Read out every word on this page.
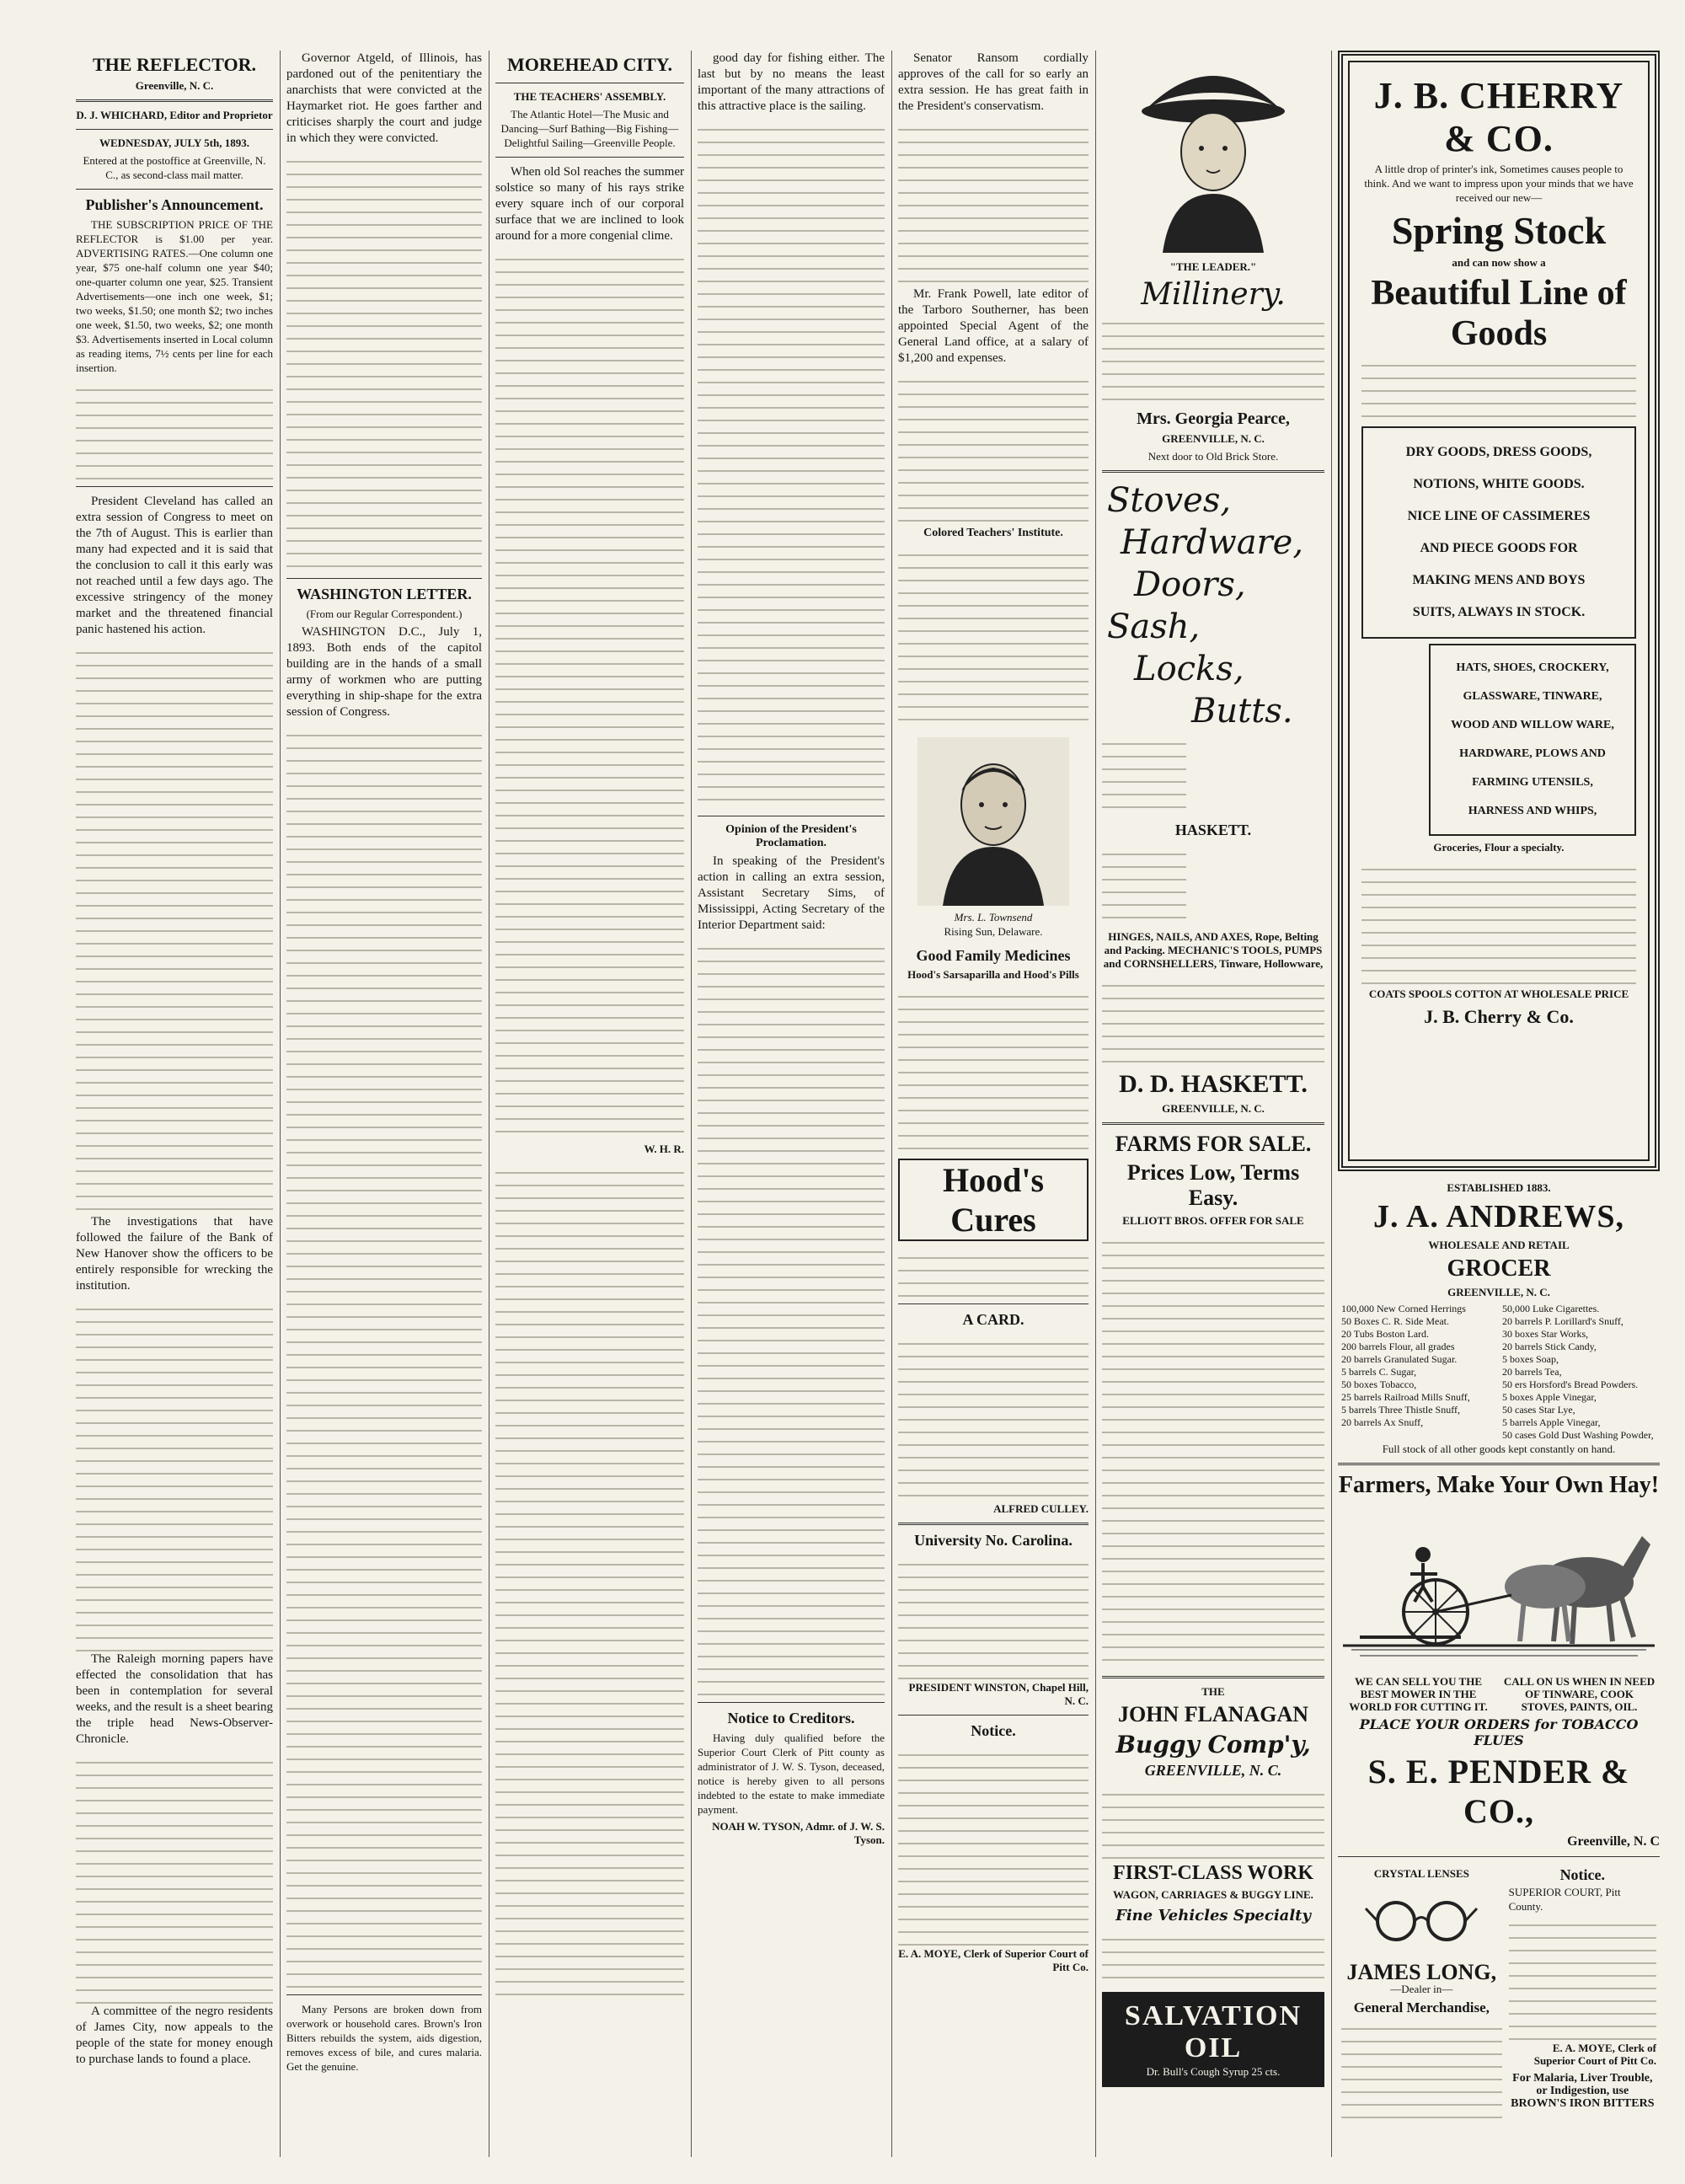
THE REFLECTOR.
Greenville, N. C.
D. J. WHICHARD, Editor and Proprietor
WEDNESDAY, JULY 5th, 1893.
Entered at the postoffice at Greenville, N. C., as second-class mail matter.
Publisher's Announcement.
THE SUBSCRIPTION PRICE OF THE REFLECTOR is $1.00 per year. ADVERTISING RATES.—One column one year, $75 one-half column one year $40; one-quarter column one year, $25. Transient Advertisements—one inch one week, $1; two weeks, $1.50; one month $2; two inches one week, $1.50, two weeks, $2; one month $3. Advertisements inserted in Local column as reading items, 7½ cents per line for each insertion.
President Cleveland has called an extra session of Congress to meet on the 7th of August. This is earlier than many had expected and it is said that the conclusion to call it this early was not reached until a few days ago. The excessive stringency of the money market and the threatened financial panic hastened his action.
The investigations that have followed the failure of the Bank of New Hanover show the officers to be entirely responsible for wrecking the institution.
The Raleigh morning papers have effected the consolidation that has been in contemplation for several weeks, and the result is a sheet bearing the triple head News-Observer-Chronicle.
A committee of the negro residents of James City, now appeals to the people of the state for money enough to purchase lands to found a place.
Governor Atgeld, of Illinois, has pardoned out of the penitentiary the anarchists that were convicted at the Haymarket riot. He goes farther and criticises sharply the court and judge in which they were convicted.
WASHINGTON LETTER.
(From our Regular Correspondent.)
WASHINGTON D.C., July 1, 1893. Both ends of the capitol building are in the hands of a small army of workmen who are putting everything in ship-shape for the extra session of Congress.
Many Persons are broken down from overwork or household cares. Brown's Iron Bitters rebuilds the system, aids digestion, removes excess of bile, and cures malaria. Get the genuine.
MOREHEAD CITY.
THE TEACHERS' ASSEMBLY.
The Atlantic Hotel—The Music and Dancing—Surf Bathing—Big Fishing—Delightful Sailing—Greenville People.
When old Sol reaches the summer solstice so many of his rays strike every square inch of our corporal surface that we are inclined to look around for a more congenial clime.
W. H. R.
good day for fishing either. The last but by no means the least important of the many attractions of this attractive place is the sailing.
Opinion of the President's Proclamation.
In speaking of the President's action in calling an extra session, Assistant Secretary Sims, of Mississippi, Acting Secretary of the Interior Department said:
Notice to Creditors.
Having duly qualified before the Superior Court Clerk of Pitt county as administrator of J. W. S. Tyson, deceased, notice is hereby given to all persons indebted to the estate to make immediate payment.
NOAH W. TYSON, Admr. of J. W. S. Tyson.
Senator Ransom cordially approves of the call for so early an extra session. He has great faith in the President's conservatism.
Mr. Frank Powell, late editor of the Tarboro Southerner, has been appointed Special Agent of the General Land office, at a salary of $1,200 and expenses.
Colored Teachers' Institute.
Mrs. L. Townsend
Rising Sun, Delaware.
Good Family Medicines
Hood's Sarsaparilla and Hood's Pills
Hood's Cures
A CARD.
ALFRED CULLEY.
University No. Carolina.
PRESIDENT WINSTON, Chapel Hill, N. C.
Notice.
E. A. MOYE, Clerk of Superior Court of Pitt Co.
"THE LEADER."
Millinery.
Mrs. Georgia Pearce,
GREENVILLE, N. C.
Next door to Old Brick Store.
Stoves,
Hardware,
Doors,
Sash,
Locks,
Butts.
HASKETT.
HINGES, NAILS, AND AXES, Rope, Belting and Packing. MECHANIC'S TOOLS, PUMPS and CORNSHELLERS, Tinware, Hollowware,
D. D. HASKETT.
GREENVILLE, N. C.
FARMS FOR SALE.
Prices Low, Terms Easy.
ELLIOTT BROS. OFFER FOR SALE
THE
JOHN FLANAGAN
Buggy Comp'y,
GREENVILLE, N. C.
FIRST-CLASS WORK
WAGON, CARRIAGES & BUGGY LINE.
Fine Vehicles Specialty
SALVATION OIL
Dr. Bull's Cough Syrup 25 cts.
J. B. CHERRY & CO.
A little drop of printer's ink, Sometimes causes people to think. And we want to impress upon your minds that we have received our new—
Spring Stock
and can now show a
Beautiful Line of Goods
DRY GOODS, DRESS GOODS,
NOTIONS, WHITE GOODS.
NICE LINE OF CASSIMERES
AND PIECE GOODS FOR
MAKING MENS AND BOYS
SUITS, ALWAYS IN STOCK.
HATS, SHOES, CROCKERY,
GLASSWARE, TINWARE,
WOOD AND WILLOW WARE,
HARDWARE, PLOWS AND
FARMING UTENSILS,
HARNESS AND WHIPS,
Groceries, Flour a specialty.
COATS SPOOLS COTTON AT WHOLESALE PRICE
J. B. Cherry & Co.
ESTABLISHED 1883.
J. A. ANDREWS,
WHOLESALE AND RETAIL
GROCER
GREENVILLE, N. C.
100,000 New Corned Herrings
50 Boxes C. R. Side Meat.
20 Tubs Boston Lard.
200 barrels Flour, all grades
20 barrels Granulated Sugar.
5 barrels C. Sugar,
50 boxes Tobacco,
25 barrels Railroad Mills Snuff,
5 barrels Three Thistle Snuff,
20 barrels Ax Snuff,

50,000 Luke Cigarettes.
20 barrels P. Lorillard's Snuff,
30 boxes Star Works,
20 barrels Stick Candy,
5 boxes Soap,
20 barrels Tea,
50 ers Horsford's Bread Powders.
5 boxes Apple Vinegar,
50 cases Star Lye,
5 barrels Apple Vinegar,
50 cases Gold Dust Washing Powder,
Full stock of all other goods kept constantly on hand.
Farmers, Make Your Own Hay!
WE CAN SELL YOU THE BEST MOWER IN THE WORLD FOR CUTTING IT.	CALL ON US WHEN IN NEED OF TINWARE, COOK STOVES, PAINTS, OIL.
PLACE YOUR ORDERS for TOBACCO FLUES
S. E. PENDER & CO.,
Greenville, N. C
CRYSTAL LENSES
JAMES LONG,
—Dealer in—
General Merchandise,

Notice.
SUPERIOR COURT, Pitt County.
E. A. MOYE, Clerk of Superior Court of Pitt Co.
For Malaria, Liver Trouble, or Indigestion, use BROWN'S IRON BITTERS
